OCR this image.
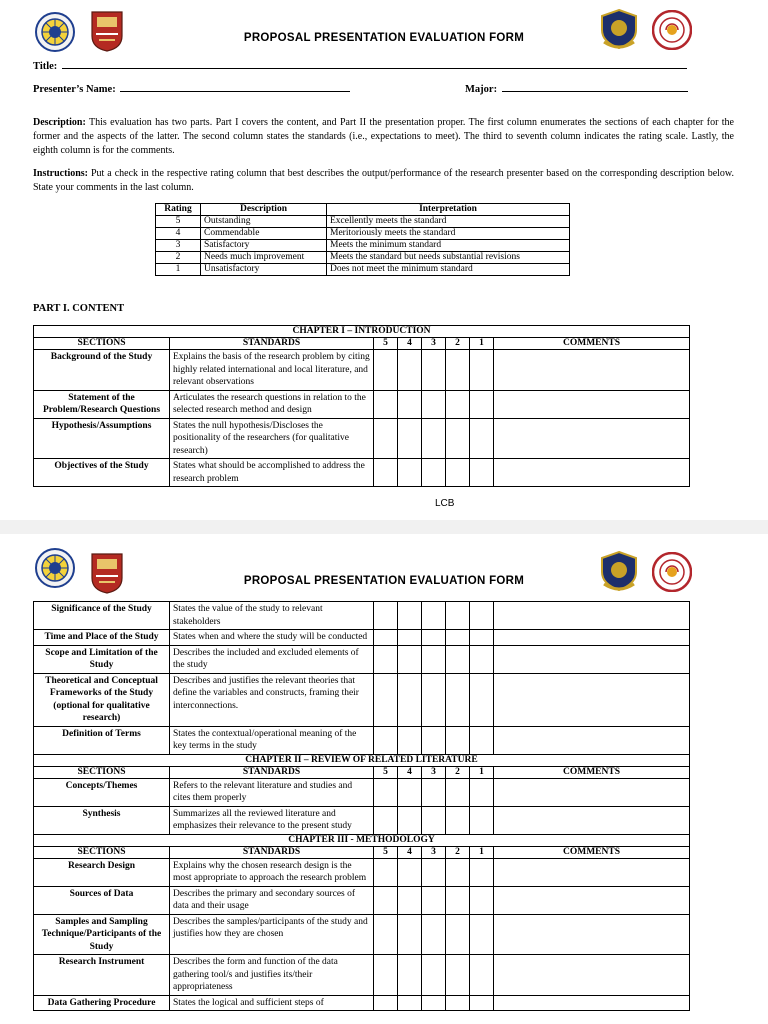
PROPOSAL PRESENTATION EVALUATION FORM
Title:
Presenter’s Name:	Major:
Description: This evaluation has two parts. Part I covers the content, and Part II the presentation proper. The first column enumerates the sections of each chapter for the former and the aspects of the latter. The second column states the standards (i.e., expectations to meet). The third to seventh column indicates the rating scale. Lastly, the eighth column is for the comments.
Instructions: Put a check in the respective rating column that best describes the output/performance of the research presenter based on the corresponding description below. State your comments in the last column.
Rating	Description	Interpretation
5	Outstanding	Excellently meets the standard
4	Commendable	Meritoriously meets the standard
3	Satisfactory	Meets the minimum standard
2	Needs much improvement	Meets the standard but needs substantial revisions
1	Unsatisfactory	Does not meet the minimum standard
PART I. CONTENT
CHAPTER I – INTRODUCTION							
SECTIONS	STANDARDS	5	4	3	2	1	COMMENTS
Background of the Study	Explains the basis of the research problem by citing highly related international and local literature, and relevant observations						
Statement of the Problem/Research Questions	Articulates the research questions in relation to the selected research method and design						
Hypothesis/Assumptions	States the null hypothesis/Discloses the positionality of the researchers (for qualitative research)						
Objectives of the Study	States what should be accomplished to address the research problem						
LCB
PROPOSAL PRESENTATION EVALUATION FORM
Significance of the Study	States the value of the study to relevant stakeholders						
Time and Place of the Study	States when and where the study will be conducted						
Scope and Limitation of the Study	Describes the included and excluded elements of the study						
Theoretical and Conceptual Frameworks of the Study (optional for qualitative research)	Describes and justifies the relevant theories that define the variables and constructs, framing their interconnections.						
Definition of Terms	States the contextual/operational meaning of the key terms in the study						
CHAPTER II – REVIEW OF RELATED LITERATURE							
SECTIONS	STANDARDS	5	4	3	2	1	COMMENTS
Concepts/Themes	Refers to the relevant literature and studies and cites them properly						
Synthesis	Summarizes all the reviewed literature and emphasizes their relevance to the present study						
CHAPTER III - METHODOLOGY							
SECTIONS	STANDARDS	5	4	3	2	1	COMMENTS
Research Design	Explains why the chosen research design is the most appropriate to approach the research problem						
Sources of Data	Describes the primary and secondary sources of data and their usage						
Samples and Sampling Technique/Participants of the Study	Describes the samples/participants of the study and justifies how they are chosen						
Research Instrument	Describes the form and function of the data gathering tool/s and justifies its/their appropriateness						
Data Gathering Procedure	States the logical and sufficient steps of						
